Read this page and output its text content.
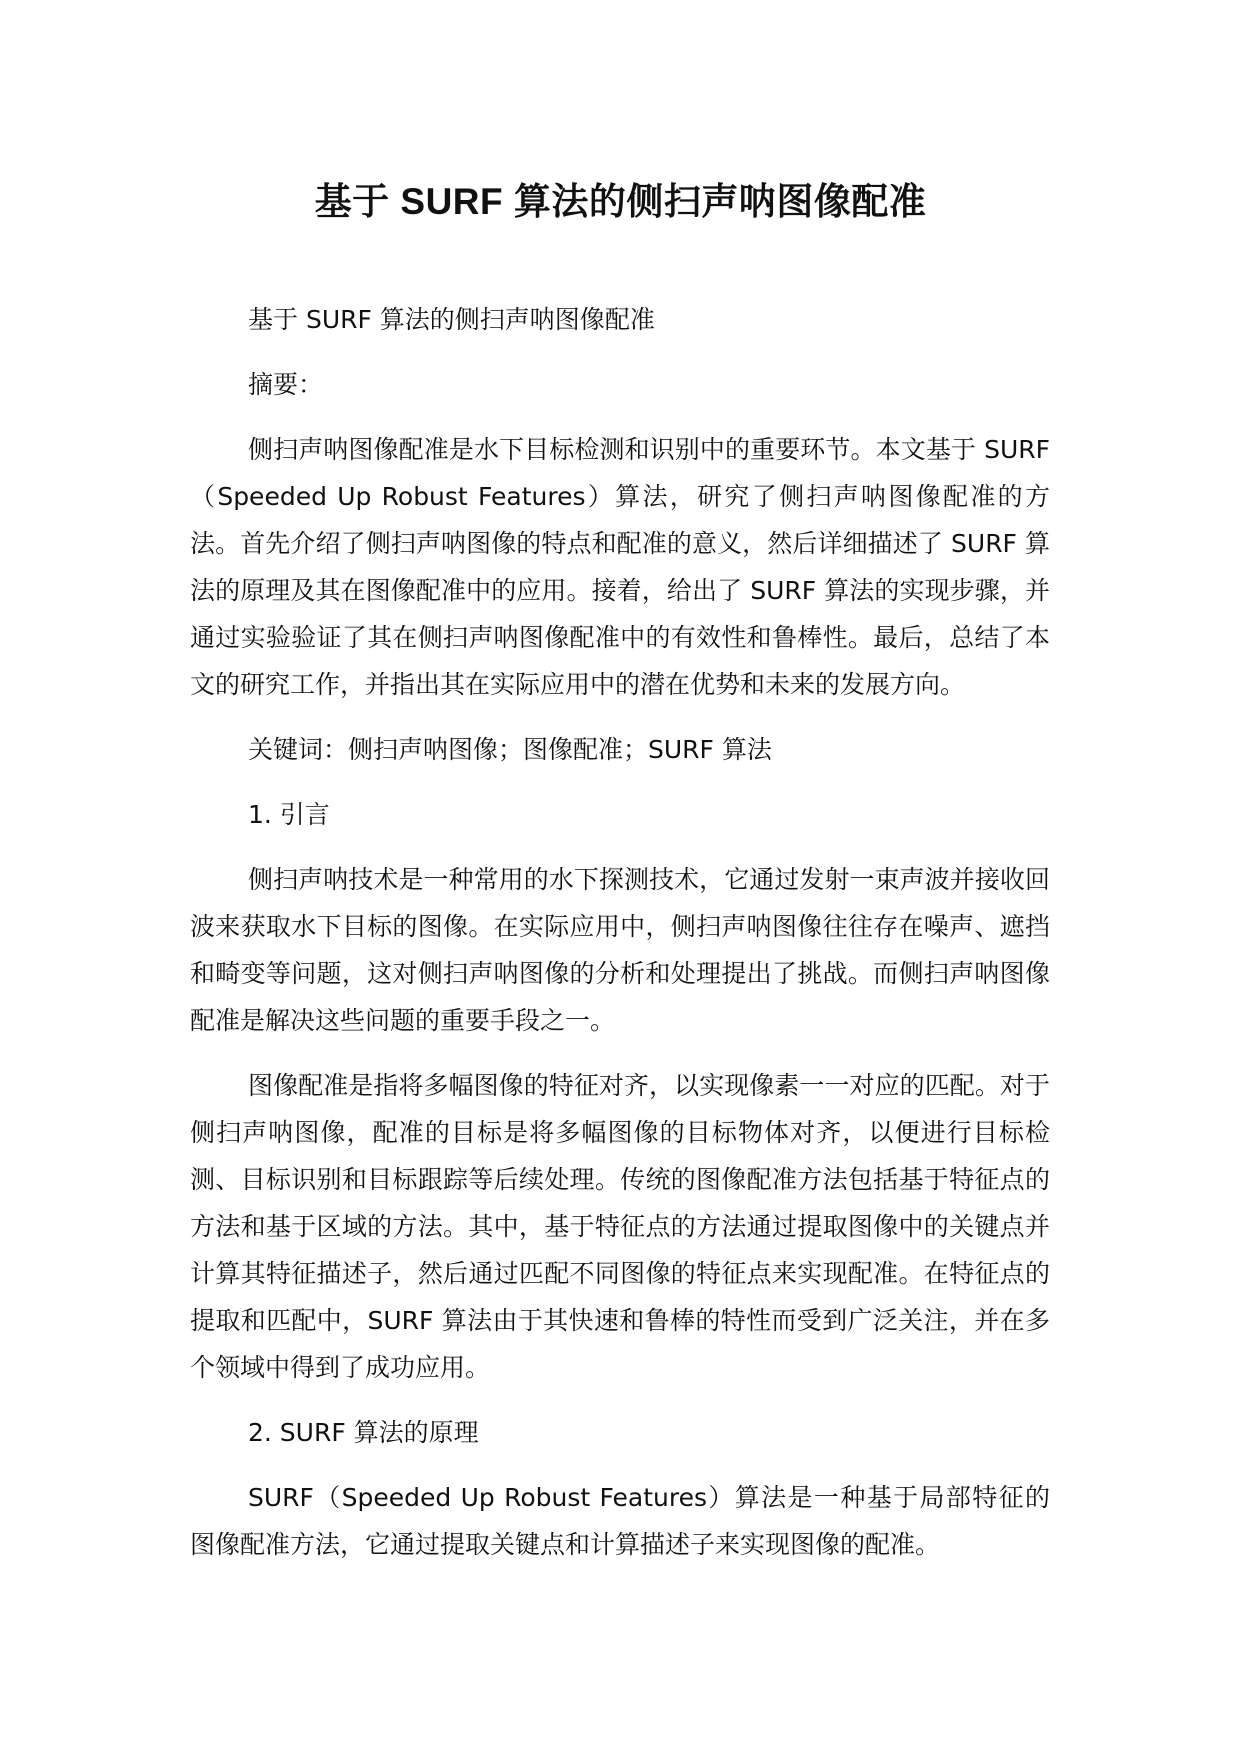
基于 SURF 算法的侧扫声呐图像配准

基于 SURF 算法的侧扫声呐图像配准

摘要：

侧扫声呐图像配准是水下目标检测和识别中的重要环节。本文基于 SURF（Speeded Up Robust Features）算法，研究了侧扫声呐图像配准的方法。首先介绍了侧扫声呐图像的特点和配准的意义，然后详细描述了 SURF 算法的原理及其在图像配准中的应用。接着，给出了 SURF 算法的实现步骤，并通过实验验证了其在侧扫声呐图像配准中的有效性和鲁棒性。最后，总结了本文的研究工作，并指出其在实际应用中的潜在优势和未来的发展方向。

关键词：侧扫声呐图像；图像配准；SURF 算法

1. 引言

侧扫声呐技术是一种常用的水下探测技术，它通过发射一束声波并接收回波来获取水下目标的图像。在实际应用中，侧扫声呐图像往往存在噪声、遮挡和畸变等问题，这对侧扫声呐图像的分析和处理提出了挑战。而侧扫声呐图像配准是解决这些问题的重要手段之一。

图像配准是指将多幅图像的特征对齐，以实现像素一一对应的匹配。对于侧扫声呐图像，配准的目标是将多幅图像的目标物体对齐，以便进行目标检测、目标识别和目标跟踪等后续处理。传统的图像配准方法包括基于特征点的方法和基于区域的方法。其中，基于特征点的方法通过提取图像中的关键点并计算其特征描述子，然后通过匹配不同图像的特征点来实现配准。在特征点的提取和匹配中，SURF 算法由于其快速和鲁棒的特性而受到广泛关注，并在多个领域中得到了成功应用。

2. SURF 算法的原理

SURF（Speeded Up Robust Features）算法是一种基于局部特征的图像配准方法，它通过提取关键点和计算描述子来实现图像的配准。
